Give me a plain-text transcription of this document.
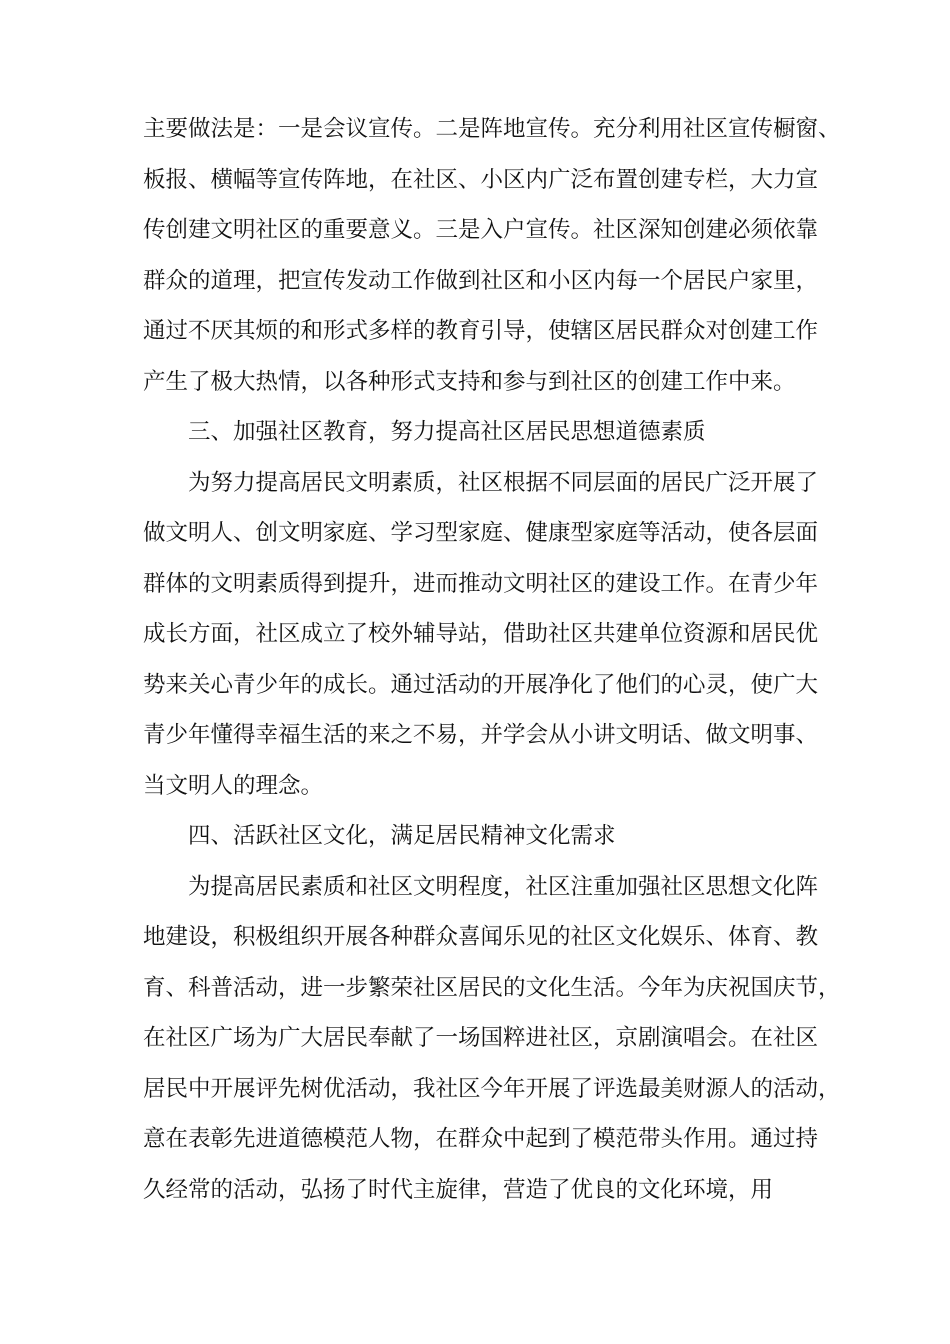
主要做法是：一是会议宣传。二是阵地宣传。充分利用社区宣传橱窗、
板报、横幅等宣传阵地，在社区、小区内广泛布置创建专栏，大力宣
传创建文明社区的重要意义。三是入户宣传。社区深知创建必须依靠
群众的道理，把宣传发动工作做到社区和小区内每一个居民户家里，
通过不厌其烦的和形式多样的教育引导，使辖区居民群众对创建工作
产生了极大热情，以各种形式支持和参与到社区的创建工作中来。
三、加强社区教育，努力提高社区居民思想道德素质
为努力提高居民文明素质，社区根据不同层面的居民广泛开展了
做文明人、创文明家庭、学习型家庭、健康型家庭等活动，使各层面
群体的文明素质得到提升，进而推动文明社区的建设工作。在青少年
成长方面，社区成立了校外辅导站，借助社区共建单位资源和居民优
势来关心青少年的成长。通过活动的开展净化了他们的心灵，使广大
青少年懂得幸福生活的来之不易，并学会从小讲文明话、做文明事、
当文明人的理念。
四、活跃社区文化，满足居民精神文化需求
为提高居民素质和社区文明程度，社区注重加强社区思想文化阵
地建设，积极组织开展各种群众喜闻乐见的社区文化娱乐、体育、教
育、科普活动，进一步繁荣社区居民的文化生活。今年为庆祝国庆节，
在社区广场为广大居民奉献了一场国粹进社区，京剧演唱会。在社区
居民中开展评先树优活动，我社区今年开展了评选最美财源人的活动，
意在表彰先进道德模范人物，在群众中起到了模范带头作用。通过持
久经常的活动，弘扬了时代主旋律，营造了优良的文化环境，用
